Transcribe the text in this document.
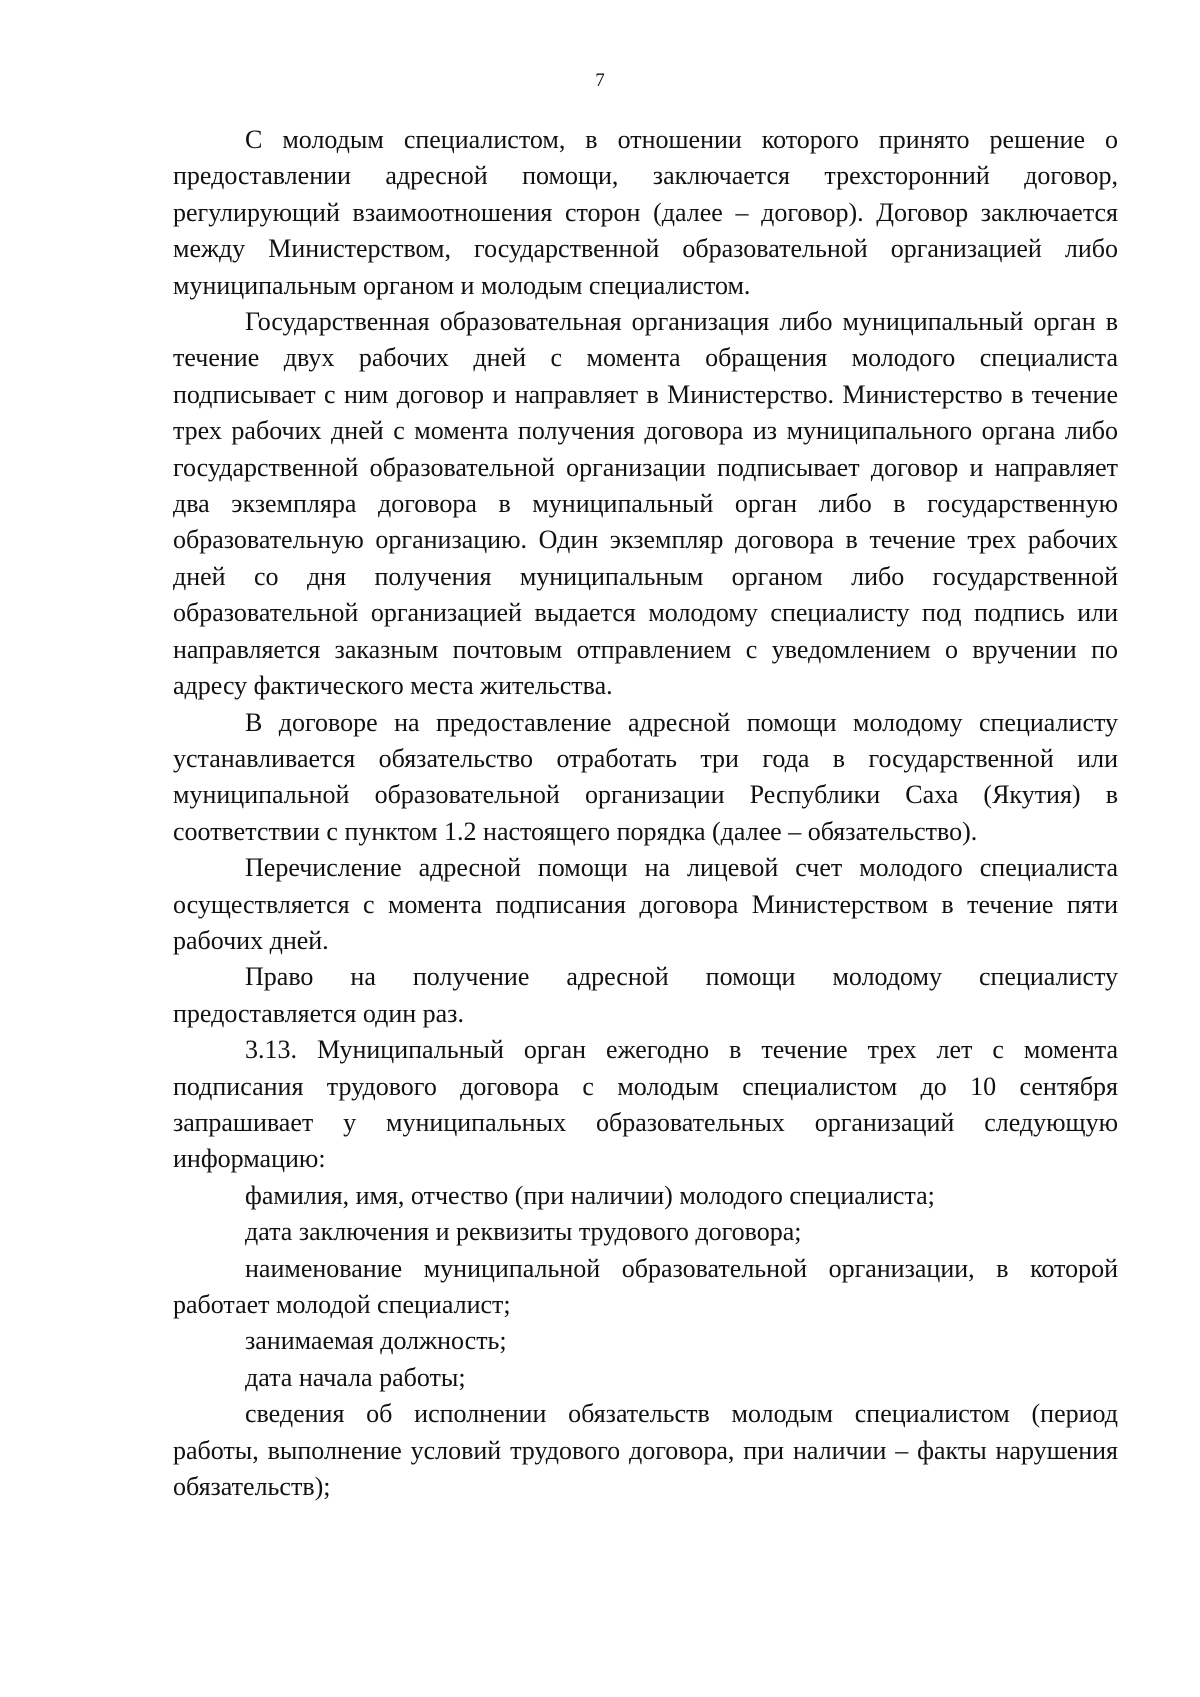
7

С молодым специалистом, в отношении которого принято решение о предоставлении адресной помощи, заключается трехсторонний договор, регулирующий взаимоотношения сторон (далее – договор). Договор заключается между Министерством, государственной образовательной организацией либо муниципальным органом и молодым специалистом.

Государственная образовательная организация либо муниципальный орган в течение двух рабочих дней с момента обращения молодого специалиста подписывает с ним договор и направляет в Министерство. Министерство в течение трех рабочих дней с момента получения договора из муниципального органа либо государственной образовательной организации подписывает договор и направляет два экземпляра договора в муниципальный орган либо в государственную образовательную организацию. Один экземпляр договора в течение трех рабочих дней со дня получения муниципальным органом либо государственной образовательной организацией выдается молодому специалисту под подпись или направляется заказным почтовым отправлением с уведомлением о вручении по адресу фактического места жительства.

В договоре на предоставление адресной помощи молодому специалисту устанавливается обязательство отработать три года в государственной или муниципальной образовательной организации Республики Саха (Якутия) в соответствии с пунктом 1.2 настоящего порядка (далее – обязательство).

Перечисление адресной помощи на лицевой счет молодого специалиста осуществляется с момента подписания договора Министерством в течение пяти рабочих дней.

Право на получение адресной помощи молодому специалисту предоставляется один раз.

3.13. Муниципальный орган ежегодно в течение трех лет с момента подписания трудового договора с молодым специалистом до 10 сентября запрашивает у муниципальных образовательных организаций следующую информацию:

фамилия, имя, отчество (при наличии) молодого специалиста;

дата заключения и реквизиты трудового договора;

наименование муниципальной образовательной организации, в которой работает молодой специалист;

занимаемая должность;

дата начала работы;

сведения об исполнении обязательств молодым специалистом (период работы, выполнение условий трудового договора, при наличии – факты нарушения обязательств);
